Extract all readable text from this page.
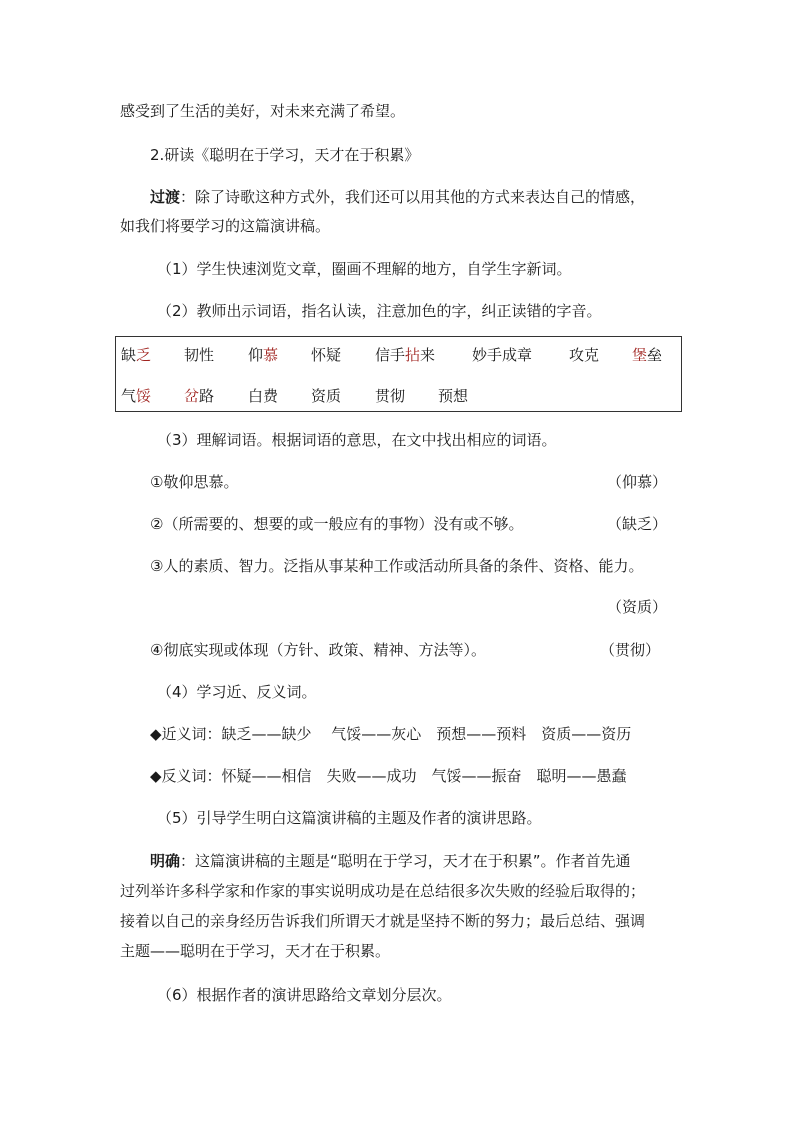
感受到了生活的美好，对未来充满了希望。
2.研读《聪明在于学习，天才在于积累》
过渡：除了诗歌这种方式外，我们还可以用其他的方式来表达自己的情感，
如我们将要学习的这篇演讲稿。
（1）学生快速浏览文章，圈画不理解的地方，自学生字新词。
（2）教师出示词语，指名认读，注意加色的字，纠正读错的字音。
缺乏 韧性 仰慕 怀疑 信手拈来 妙手成章 攻克 堡垒
气馁 岔路 白费 资质 贯彻 预想
（3）理解词语。根据词语的意思，在文中找出相应的词语。
①敬仰思慕。	（仰慕）
②（所需要的、想要的或一般应有的事物）没有或不够。	（缺乏）
③人的素质、智力。泛指从事某种工作或活动所具备的条件、资格、能力。
（资质）
④彻底实现或体现（方针、政策、精神、方法等）。	（贯彻）
（4）学习近、反义词。
◆近义词：缺乏——缺少　 气馁——灰心　预想——预料　资质——资历
◆反义词：怀疑——相信　失败——成功　气馁——振奋　聪明——愚蠢
（5）引导学生明白这篇演讲稿的主题及作者的演讲思路。
明确：这篇演讲稿的主题是“聪明在于学习，天才在于积累”。作者首先通
过列举许多科学家和作家的事实说明成功是在总结很多次失败的经验后取得的；
接着以自己的亲身经历告诉我们所谓天才就是坚持不断的努力；最后总结、强调
主题——聪明在于学习，天才在于积累。
（6）根据作者的演讲思路给文章划分层次。
